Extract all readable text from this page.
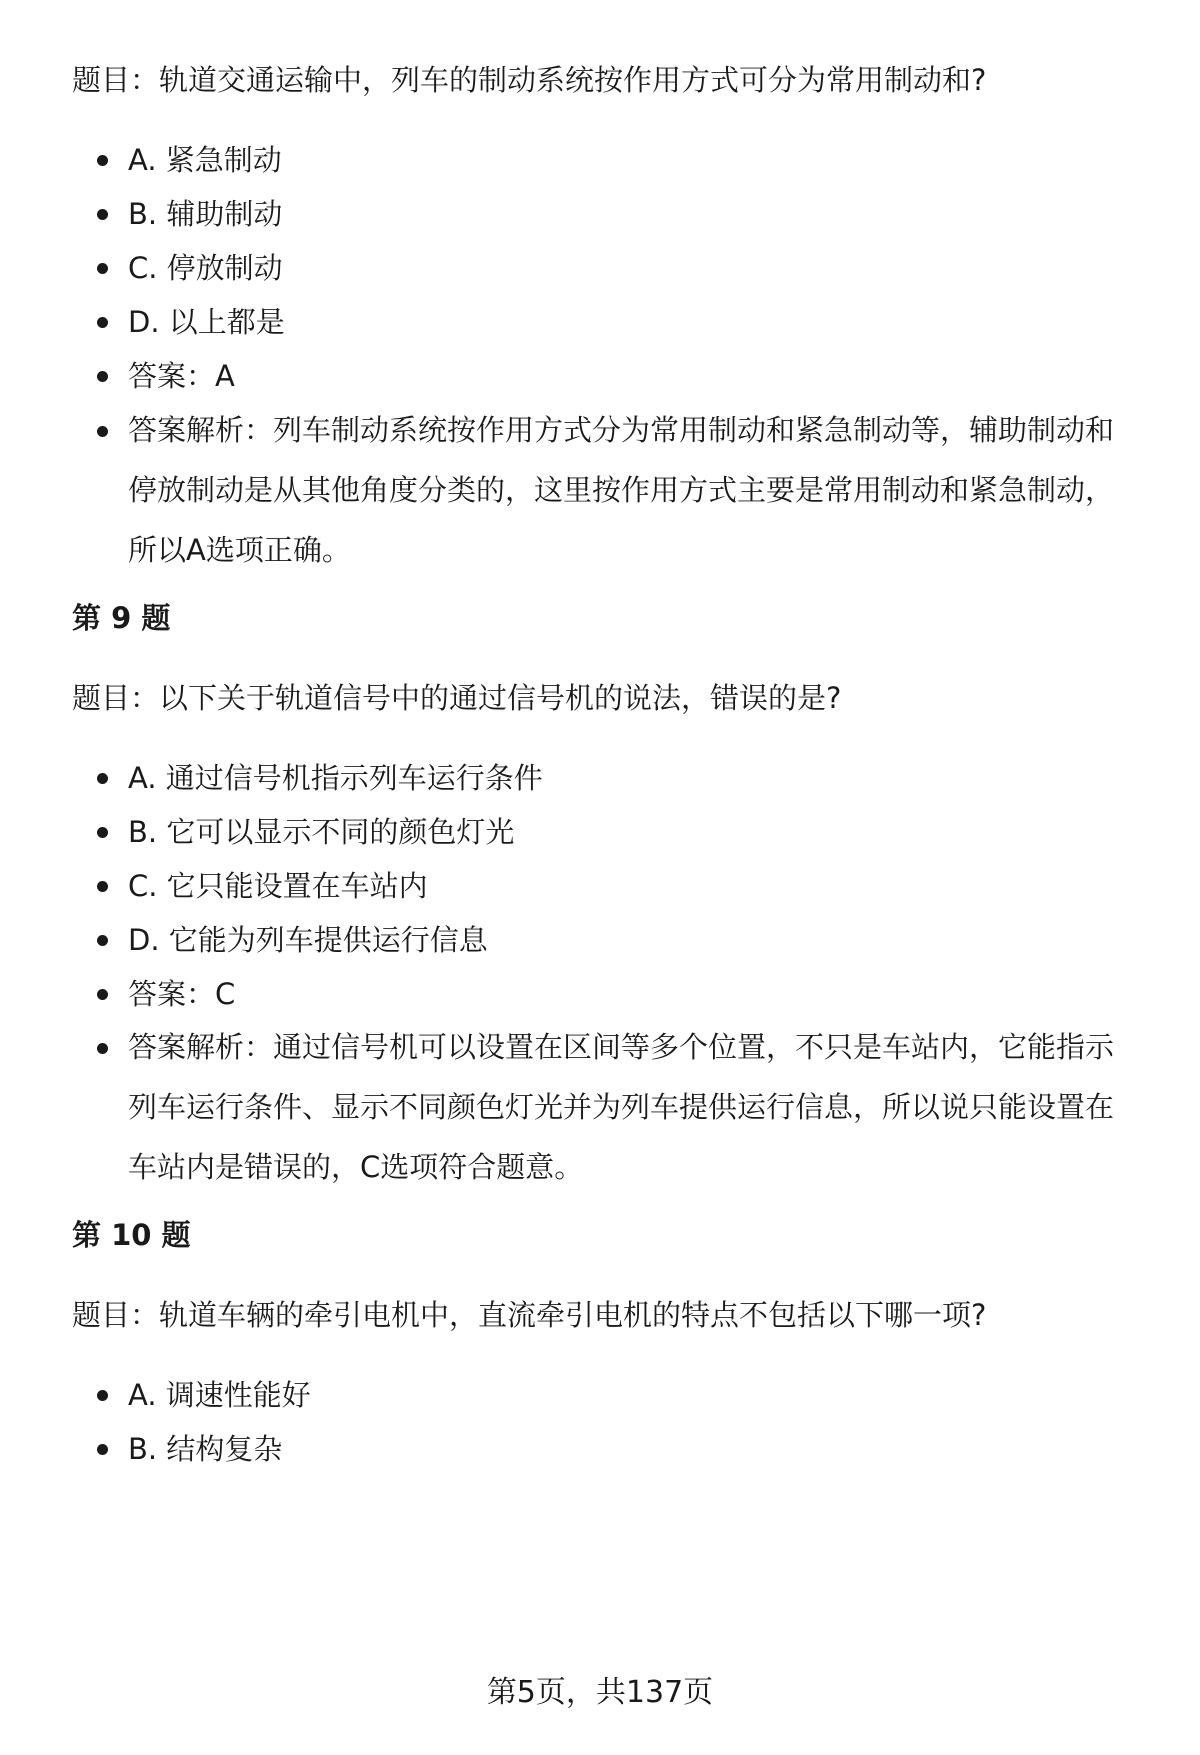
题目：轨道交通运输中，列车的制动系统按作用方式可分为常用制动和?
A. 紧急制动
B. 辅助制动
C. 停放制动
D. 以上都是
答案：A
答案解析：列车制动系统按作用方式分为常用制动和紧急制动等，辅助制动和
停放制动是从其他角度分类的，这里按作用方式主要是常用制动和紧急制动，
所以A选项正确。
第 9 题
题目：以下关于轨道信号中的通过信号机的说法，错误的是?
A. 通过信号机指示列车运行条件
B. 它可以显示不同的颜色灯光
C. 它只能设置在车站内
D. 它能为列车提供运行信息
答案：C
答案解析：通过信号机可以设置在区间等多个位置，不只是车站内，它能指示
列车运行条件、显示不同颜色灯光并为列车提供运行信息，所以说只能设置在
车站内是错误的，C选项符合题意。
第 10 题
题目：轨道车辆的牵引电机中，直流牵引电机的特点不包括以下哪一项?
A. 调速性能好
B. 结构复杂
第5页，共137页
